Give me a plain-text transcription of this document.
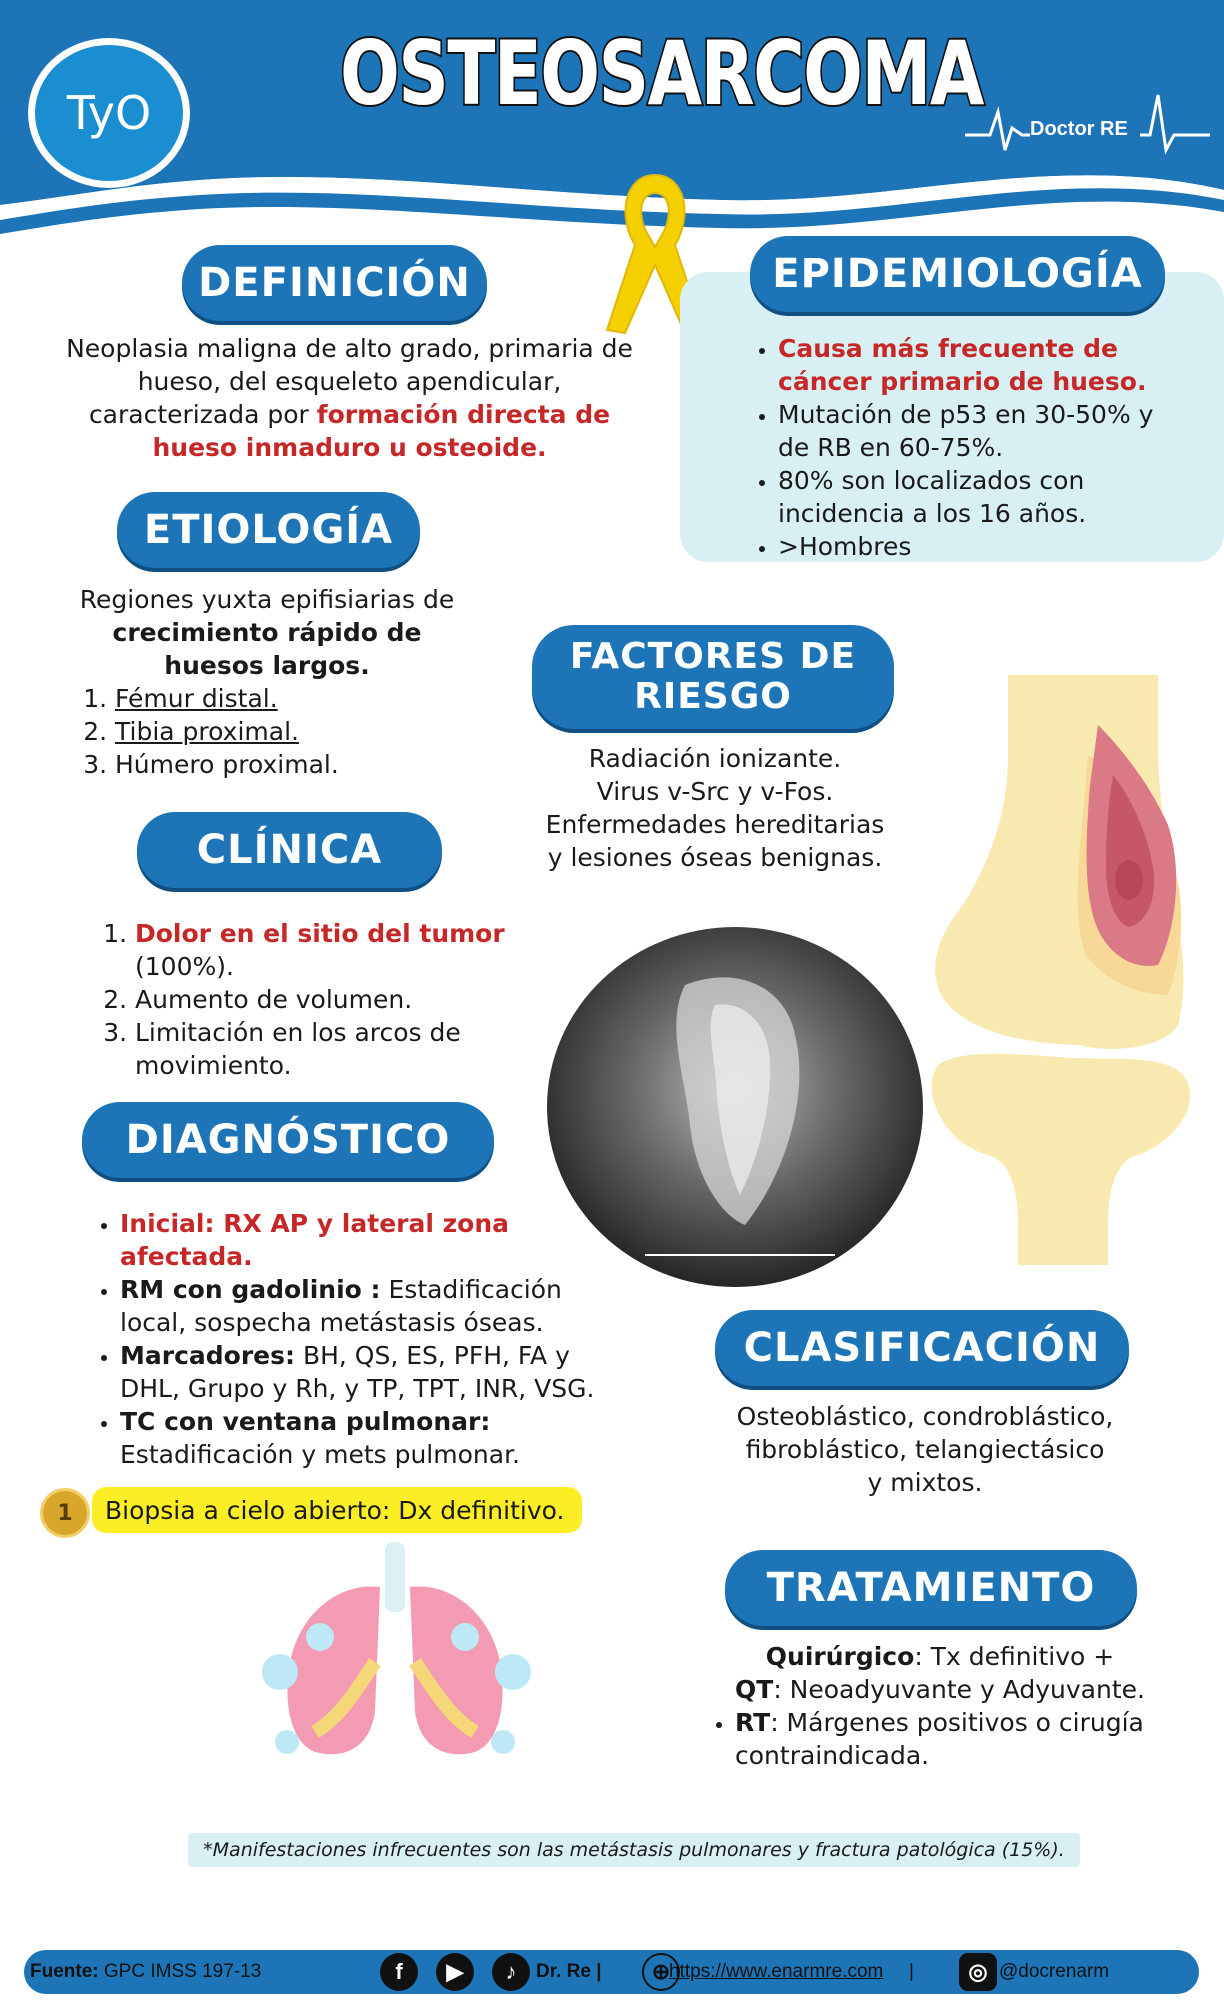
TyO OSTEOSARCOMA
Doctor RE
DEFINICIÓN
Neoplasia maligna de alto grado, primaria de hueso, del esqueleto apendicular, caracterizada por formación directa de hueso inmaduro u osteoide.
EPIDEMIOLOGÍA
• Causa más frecuente de cáncer primario de hueso.
• Mutación de p53 en 30-50% y de RB en 60-75%.
• 80% son localizados con incidencia a los 16 años.
• >Hombres
ETIOLOGÍA
Regiones yuxta epifisiarias de
crecimiento rápido de huesos largos.
1. Fémur distal.
2. Tibia proximal.
3. Húmero proximal.
FACTORES DE
RIESGO
Radiación ionizante.
Virus v-Src y v-Fos.
Enfermedades hereditarias
y lesiones óseas benignas.
CLÍNICA
1. Dolor en el sitio del tumor (100%).
2. Aumento de volumen.
3. Limitación en los arcos de movimiento.
DIAGNÓSTICO
• Inicial: RX AP y lateral zona afectada.
• RM con gadolinio : Estadificación local, sospecha metástasis óseas.
• Marcadores: BH, QS, ES, PFH, FA y DHL, Grupo y Rh, y TP, TPT, INR, VSG.
• TC con ventana pulmonar: Estadificación y mets pulmonar.
1 Biopsia a cielo abierto: Dx definitivo.
CLASIFICACIÓN
Osteoblástico, condroblástico,
fibroblástico, telangiectásico
y mixtos.
TRATAMIENTO
Quirúrgico: Tx definitivo +
QT: Neoadyuvante y Adyuvante.
• RT: Márgenes positivos o cirugía contraindicada.
*Manifestaciones infrecuentes son las metástasis pulmonares y fractura patológica (15%).
Fuente: GPC IMSS 197-13	f	▶	♪	Dr. Re |	⊕
https://www.enarmre.com |	◎ @docrenarm
